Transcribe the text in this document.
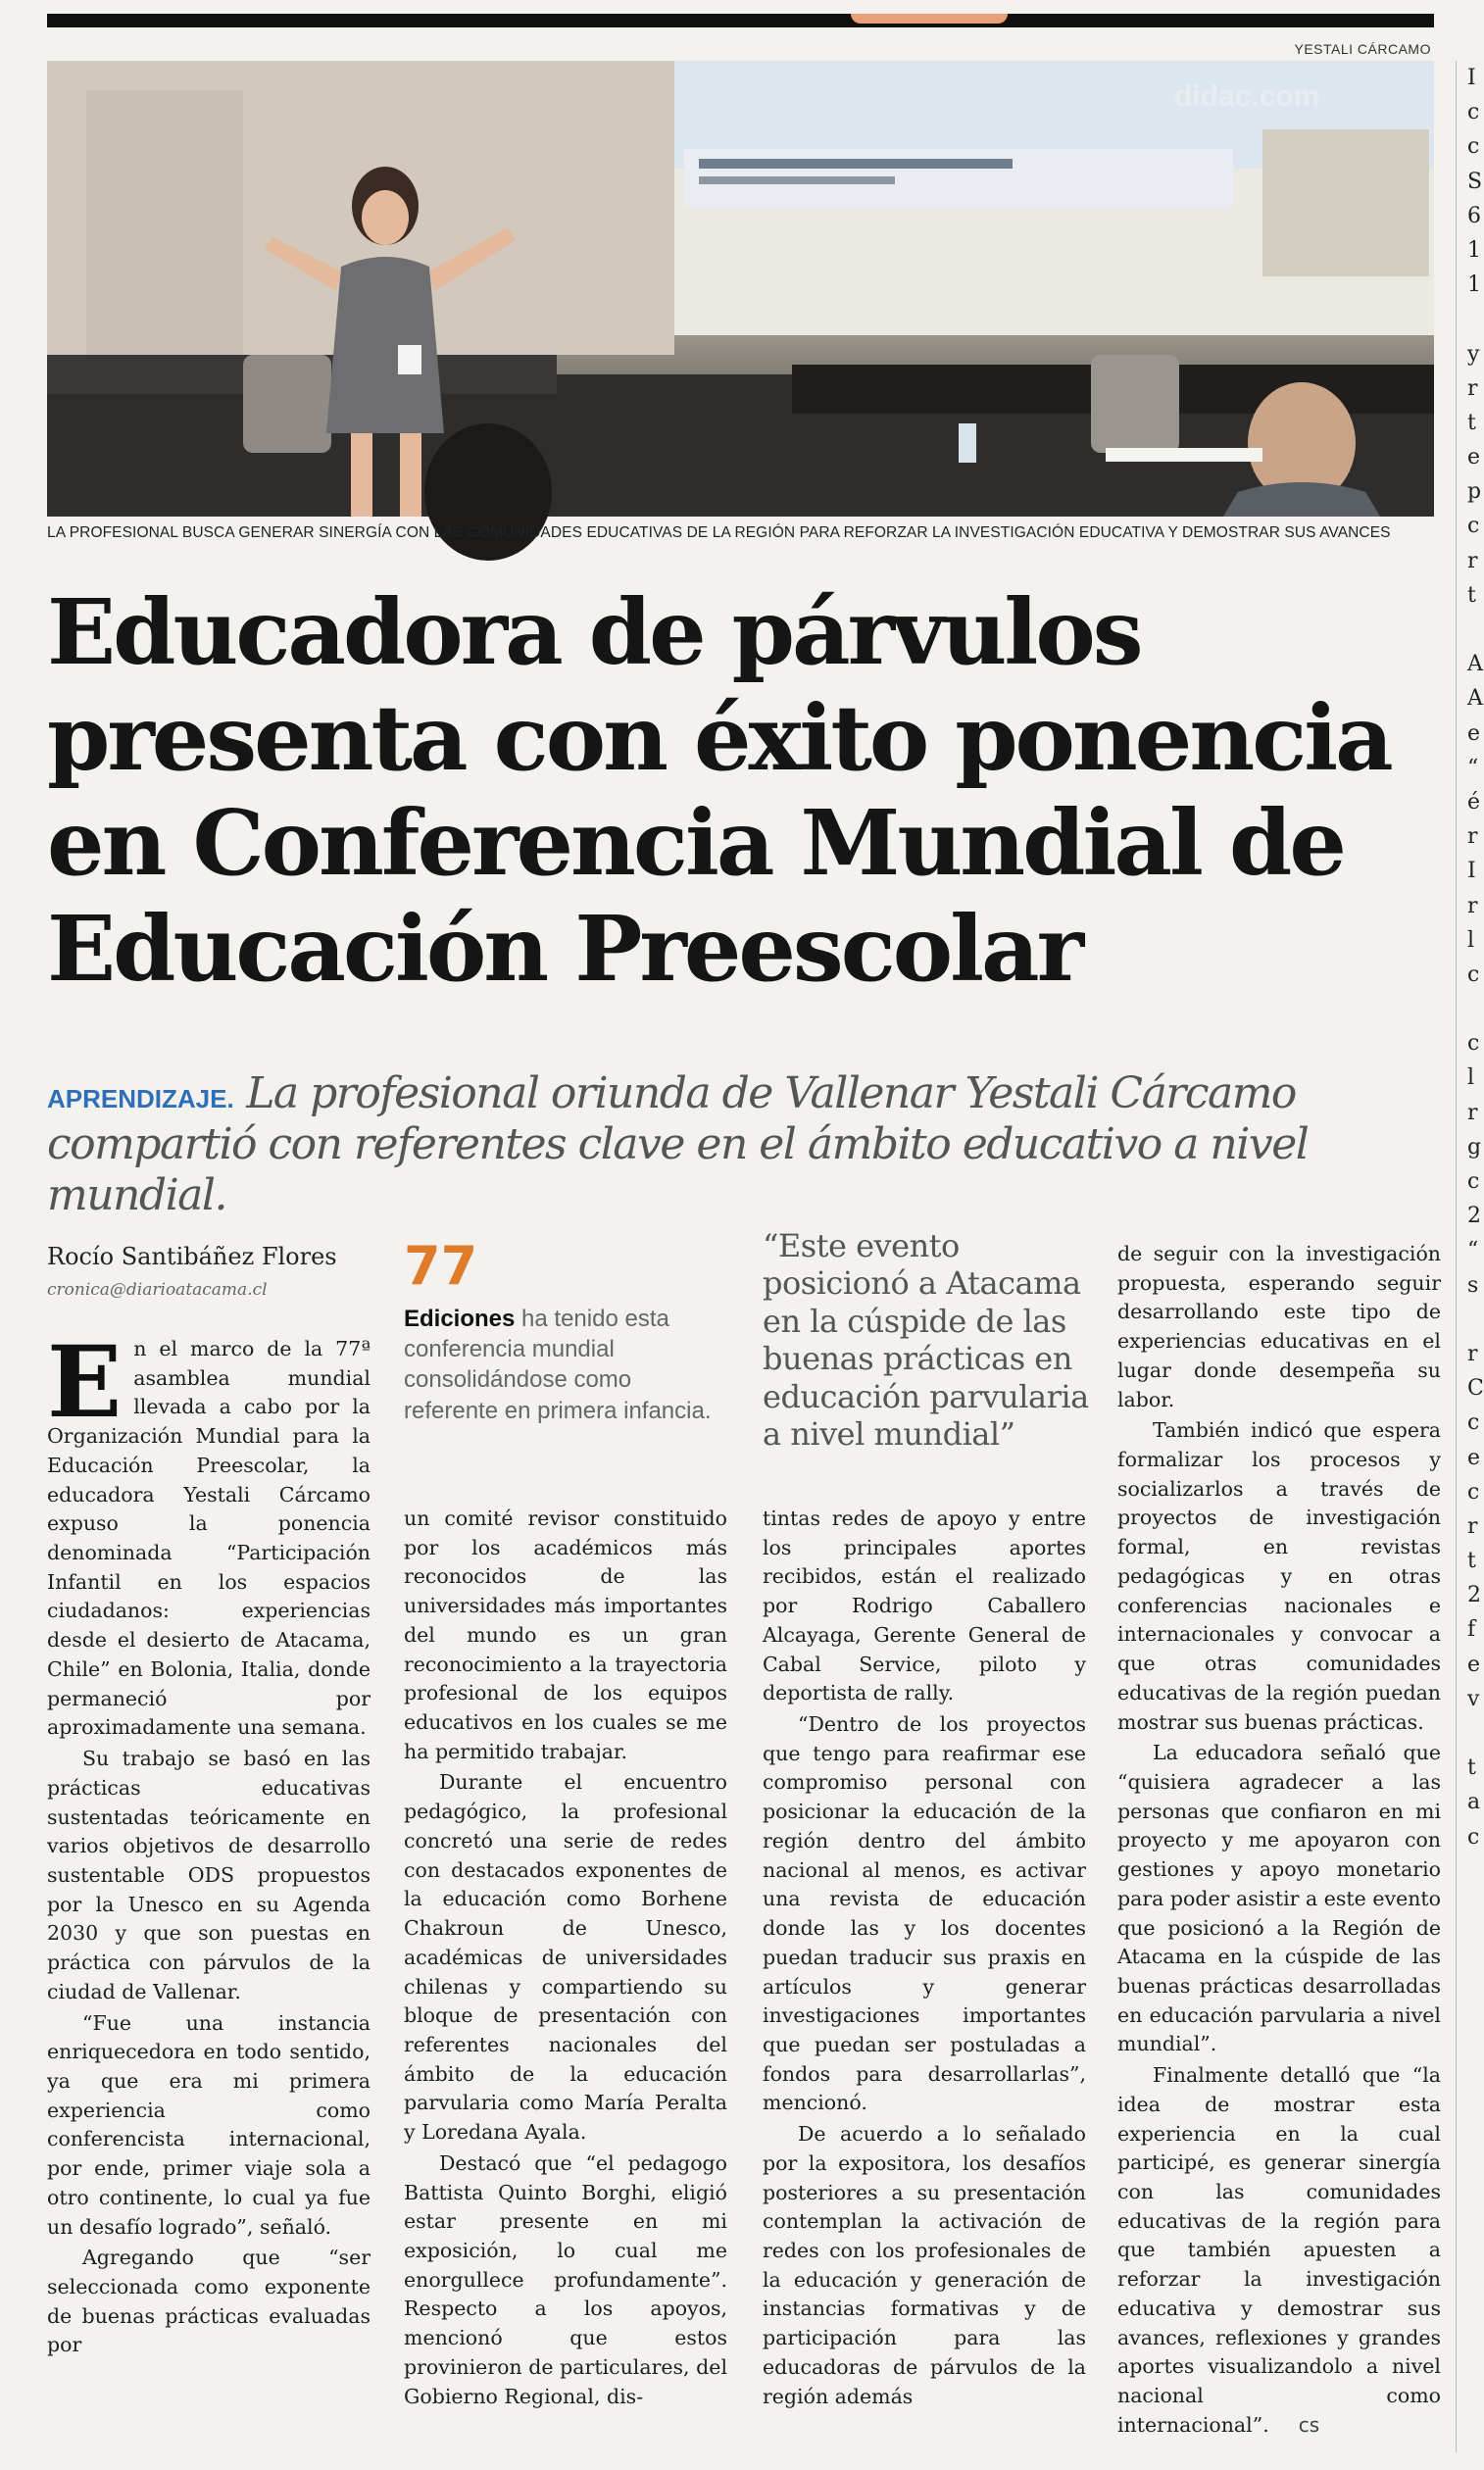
YESTALI CÁRCAMO
didac.com
LA PROFESIONAL BUSCA GENERAR SINERGÍA CON LAS COMUNIDADES EDUCATIVAS DE LA REGIÓN PARA REFORZAR LA INVESTIGACIÓN EDUCATIVA Y DEMOSTRAR SUS AVANCES
Educadora de párvulos presenta con éxito ponencia en Conferencia Mundial de Educación Preescolar
APRENDIZAJE. La profesional oriunda de Vallenar Yestali Cárcamo compartió con referentes clave en el ámbito educativo a nivel mundial.
Rocío Santibáñez Flores
cronica@diarioatacama.cl	77
Ediciones ha tenido esta conferencia mundial consolidándose como referente en primera infancia.
“Este evento posicionó a Atacama en la cúspide de las buenas prácticas en educación parvularia a nivel mundial”

En el marco de la 77ª asamblea mundial llevada a cabo por la Organización Mundial para la Educación Preescolar, la educadora Yestali Cárcamo expuso la ponencia denominada “Participación Infantil en los espacios ciudadanos: experiencias desde el desierto de Atacama, Chile” en Bolonia, Italia, donde permaneció por aproximadamente una semana.

Su trabajo se basó en las prácticas educativas sustentadas teóricamente en varios objetivos de desarrollo sustentable ODS propuestos por la Unesco en su Agenda 2030 y que son puestas en práctica con párvulos de la ciudad de Vallenar.

“Fue una instancia enriquecedora en todo sentido, ya que era mi primera experiencia como conferencista internacional, por ende, primer viaje sola a otro continente, lo cual ya fue un desafío logrado”, señaló.

Agregando que “ser seleccionada como exponente de buenas prácticas evaluadas por

un comité revisor constituido por los académicos más reconocidos de las universidades más importantes del mundo es un gran reconocimiento a la trayectoria profesional de los equipos educativos en los cuales se me ha permitido trabajar.

Durante el encuentro pedagógico, la profesional concretó una serie de redes con destacados exponentes de la educación como Borhene Chakroun de Unesco, académicas de universidades chilenas y compartiendo su bloque de presentación con referentes nacionales del ámbito de la educación parvularia como María Peralta y Loredana Ayala.

Destacó que “el pedagogo Battista Quinto Borghi, eligió estar presente en mi exposición, lo cual me enorgullece profundamente”. Respecto a los apoyos, mencionó que estos provinieron de particulares, del Gobierno Regional, dis-

tintas redes de apoyo y entre los principales aportes recibidos, están el realizado por Rodrigo Caballero Alcayaga, Gerente General de Cabal Service, piloto y deportista de rally.

“Dentro de los proyectos que tengo para reafirmar ese compromiso personal con posicionar la educación de la región dentro del ámbito nacional al menos, es activar una revista de educación donde las y los docentes puedan traducir sus praxis en artículos y generar investigaciones importantes que puedan ser postuladas a fondos para desarrollarlas”, mencionó.

De acuerdo a lo señalado por la expositora, los desafíos posteriores a su presentación contemplan la activación de redes con los profesionales de la educación y generación de instancias formativas y de participación para las educadoras de párvulos de la región además

de seguir con la investigación propuesta, esperando seguir desarrollando este tipo de experiencias educativas en el lugar donde desempeña su labor.

También indicó que espera formalizar los procesos y socializarlos a través de proyectos de investigación formal, en revistas pedagógicas y en otras conferencias nacionales e internacionales y convocar a que otras comunidades educativas de la región puedan mostrar sus buenas prácticas.

La educadora señaló que “quisiera agradecer a las personas que confiaron en mi proyecto y me apoyaron con gestiones y apoyo monetario para poder asistir a este evento que posicionó a la Región de Atacama en la cúspide de las buenas prácticas desarrolladas en educación parvularia a nivel mundial”.

Finalmente detalló que “la idea de mostrar esta experiencia en la cual participé, es generar sinergía con las comunidades educativas de la región para que también apuesten a reforzar la investigación educativa y demostrar sus avances, reflexiones y grandes aportes visualizandolo a nivel nacional como internacional”. cs

I
c
c
S
6
1
1

y
r
t
e
p
c
r
t

A
A
e
“
é
r
I
r
l
c

c
l
r
g
c
2
“
s

r
C
c
e
c
r
t
2
f
e
v

t
a
c
